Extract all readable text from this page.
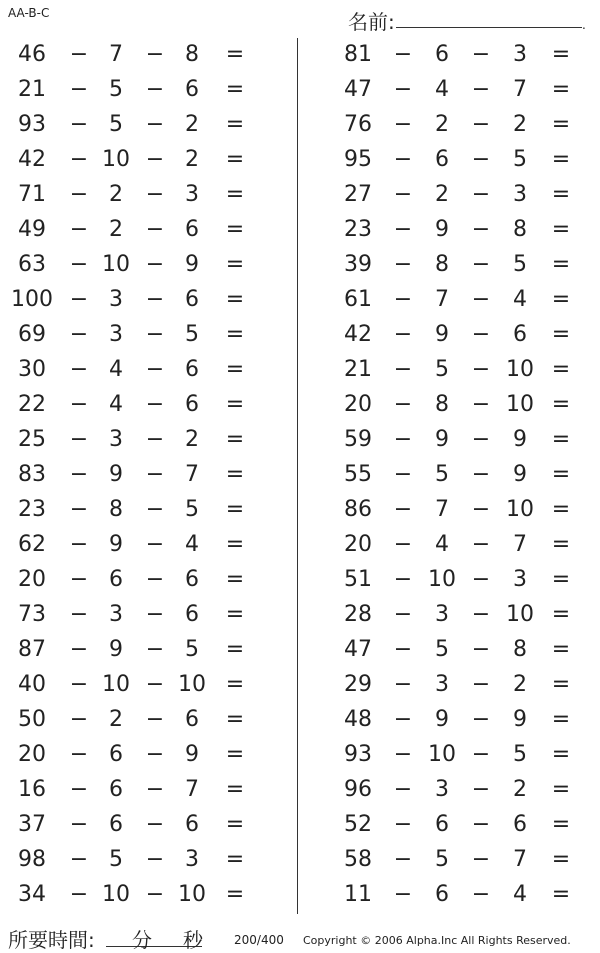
AA-B-C	名前:	.
46	− 7	− 8	=
21	− 5	− 6	=
93	− 5	− 2	=
42	− 10 − 2	=
71	− 2	− 3	=
49	− 2	− 6	=
63	− 10 − 9	=
100 − 3	− 6	=
69	− 3	− 5	=
30	− 4	− 6	=
22	− 4	− 6	=
25	− 3	− 2	=
83	− 9	− 7	=
23	− 8	− 5	=
62	− 9	− 4	=
20	− 6	− 6	=
73	− 3	− 6	=
87	− 9	− 5	=
40	− 10 − 10 =
50	− 2	− 6	=
20	− 6	− 9	=
16	− 6	− 7	=
37	− 6	− 6	=
98	− 5	− 3	=
34	− 10 − 10 =
81 −	6	−	3	=
47 −	4	−	7	=
76 −	2	−	2	=
95 −	6	−	5	=
27 −	2	−	3	=
23 −	9	−	8	=
39 −	8	−	5	=
61 −	7	−	4	=
42 −	9	−	6	=
21 −	5	− 10 =
20 −	8	− 10 =
59 −	9	−	9	=
55 −	5	−	9	=
86 −	7	− 10 =
20 −	4	−	7	=
51 − 10 −	3	=
28 −	3	− 10 =
47 −	5	−	8	=
29 −	3	−	2	=
48 −	9	−	9	=
93 − 10 −	5	=
96 −	3	−	2	=
52 −	6	−	6	=
58 −	5	−	7	=
11 −	6	−	4	=
所要時間: 分 秒	200/400 Copyright © 2006 Alpha.Inc All Rights Reserved.
